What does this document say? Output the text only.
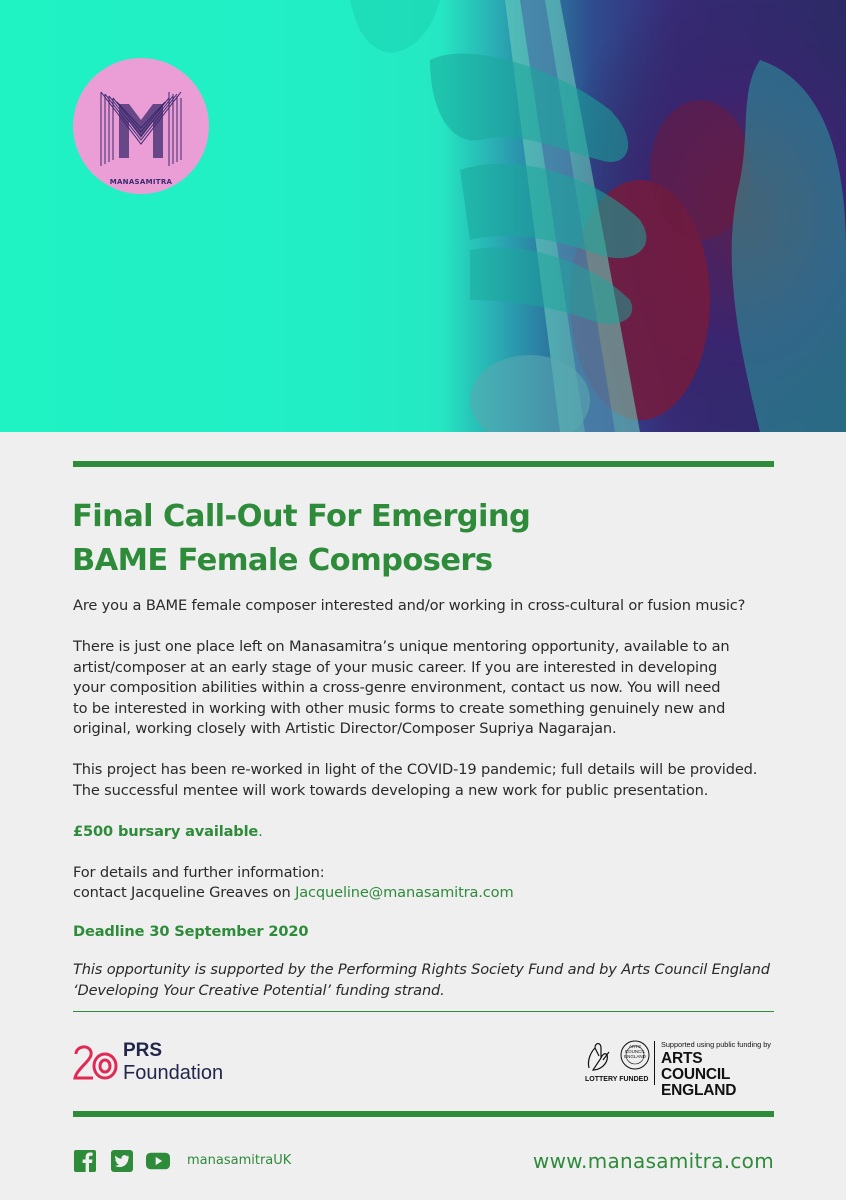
MANASAMITRA
Final Call-Out For Emerging
BAME Female Composers

Are you a BAME female composer interested and/or working in cross-cultural or fusion music?

There is just one place left on Manasamitra’s unique mentoring opportunity, available to an
artist/composer at an early stage of your music career. If you are interested in developing
your composition abilities within a cross-genre environment, contact us now. You will need
to be interested in working with other music forms to create something genuinely new and
original, working closely with Artistic Director/Composer Supriya Nagarajan.

This project has been re-worked in light of the COVID-19 pandemic; full details will be provided.
The successful mentee will work towards developing a new work for public presentation.

£500 bursary available.

For details and further information:
contact Jacqueline Greaves on Jacqueline@manasamitra.com

Deadline 30 September 2020

This opportunity is supported by the Performing Rights Society Fund and by Arts Council England
‘Developing Your Creative Potential’ funding strand.

PRS
Foundation
ARTS COUNCIL ENGLAND
LOTTERY FUNDED
Supported using public funding by
ARTS COUNCIL
ENGLAND
manasamitraUK	www.manasamitra.com
